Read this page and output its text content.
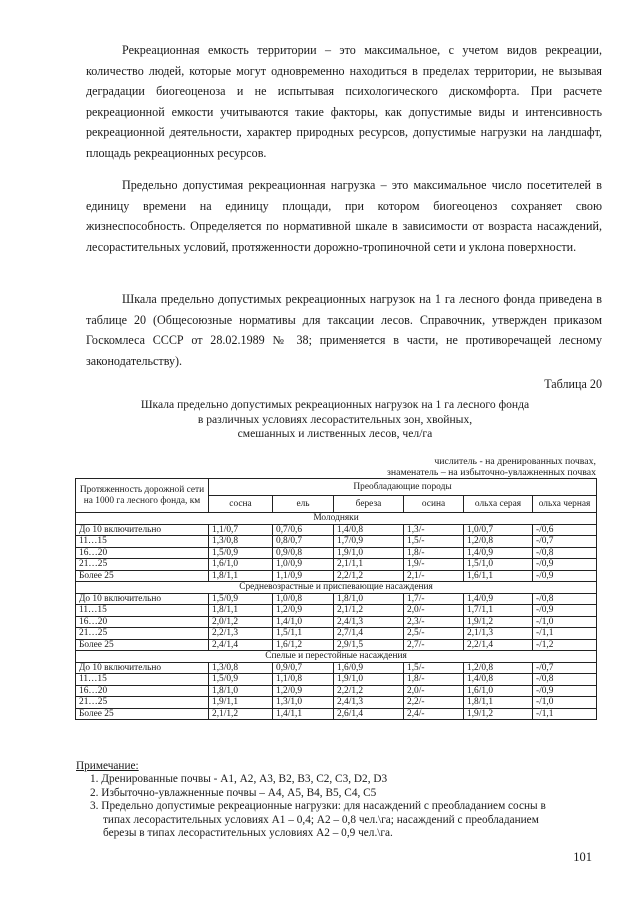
Рекреационная емкость территории – это максимальное, с учетом видов рекреации, количество людей, которые могут одновременно находиться в пределах территории, не вызывая деградации биогеоценоза и не испытывая психологического дискомфорта. При расчете рекреационной емкости учитываются такие факторы, как допустимые виды и интенсивность рекреационной деятельности, характер природных ресурсов, допустимые нагрузки на ландшафт, площадь рекреационных ресурсов.
Предельно допустимая рекреационная нагрузка – это максимальное число посетителей в единицу времени на единицу площади, при котором биогеоценоз сохраняет свою жизнеспособность. Определяется по нормативной шкале в зависимости от возраста насаждений, лесорастительных условий, протяженности дорожно-тропиночной сети и уклона поверхности.
Шкала предельно допустимых рекреационных нагрузок на 1 га лесного фонда приведена в таблице 20 (Общесоюзные нормативы для таксации лесов. Справочник, утвержден приказом Госкомлеса СССР от 28.02.1989 № 38; применяется в части, не противоречащей лесному законодательству).
Таблица 20
Шкала предельно допустимых рекреационных нагрузок на 1 га лесного фонда
в различных условиях лесорастительных зон, хвойных,
смешанных и лиственных лесов, чел/га
числитель - на дренированных почвах,
знаменатель – на избыточно-увлажненных почвах
Протяженность дорожной сети на 1000 га лесного фонда, км	Преобладающие породы					
	сосна	ель	береза	осина	ольха серая	ольха черная
Молодняки						
До 10 включительно	1,1/0,7	0,7/0,6	1,4/0,8	1,3/-	1,0/0,7	-/0,6
11…15	1,3/0,8	0,8/0,7	1,7/0,9	1,5/-	1,2/0,8	-/0,7
16…20	1,5/0,9	0,9/0,8	1,9/1,0	1,8/-	1,4/0,9	-/0,8
21…25	1,6/1,0	1,0/0,9	2,1/1,1	1,9/-	1,5/1,0	-/0,9
Более 25	1,8/1,1	1,1/0,9	2,2/1,2	2,1/-	1,6/1,1	-/0,9
Средневозрастные и приспевающие насаждения						
До 10 включительно	1,5/0,9	1,0/0,8	1,8/1,0	1,7/-	1,4/0,9	-/0,8
11…15	1,8/1,1	1,2/0,9	2,1/1,2	2,0/-	1,7/1,1	-/0,9
16…20	2,0/1,2	1,4/1,0	2,4/1,3	2,3/-	1,9/1,2	-/1,0
21…25	2,2/1,3	1,5/1,1	2,7/1,4	2,5/-	2,1/1,3	-/1,1
Более 25	2,4/1,4	1,6/1,2	2,9/1,5	2,7/-	2,2/1,4	-/1,2
Спелые и перестойные насаждения						
До 10 включительно	1,3/0,8	0,9/0,7	1,6/0,9	1,5/-	1,2/0,8	-/0,7
11…15	1,5/0,9	1,1/0,8	1,9/1,0	1,8/-	1,4/0,8	-/0,8
16…20	1,8/1,0	1,2/0,9	2,2/1,2	2,0/-	1,6/1,0	-/0,9
21…25	1,9/1,1	1,3/1,0	2,4/1,3	2,2/-	1,8/1,1	-/1,0
Более 25	2,1/1,2	1,4/1,1	2,6/1,4	2,4/-	1,9/1,2	-/1,1
Примечание:
1. Дренированные почвы - А1, А2, А3, В2, В3, С2, С3, D2, D3
2. Избыточно-увлажненные почвы – А4, А5, В4, В5, С4, С5
3. Предельно допустимые рекреационные нагрузки: для насаждений с преобладанием сосны в
типах лесорастительных условиях А1 – 0,4; А2 – 0,8 чел.\га; насаждений с преобладанием
березы в типах лесорастительных условиях А2 – 0,9 чел.\га.
101
